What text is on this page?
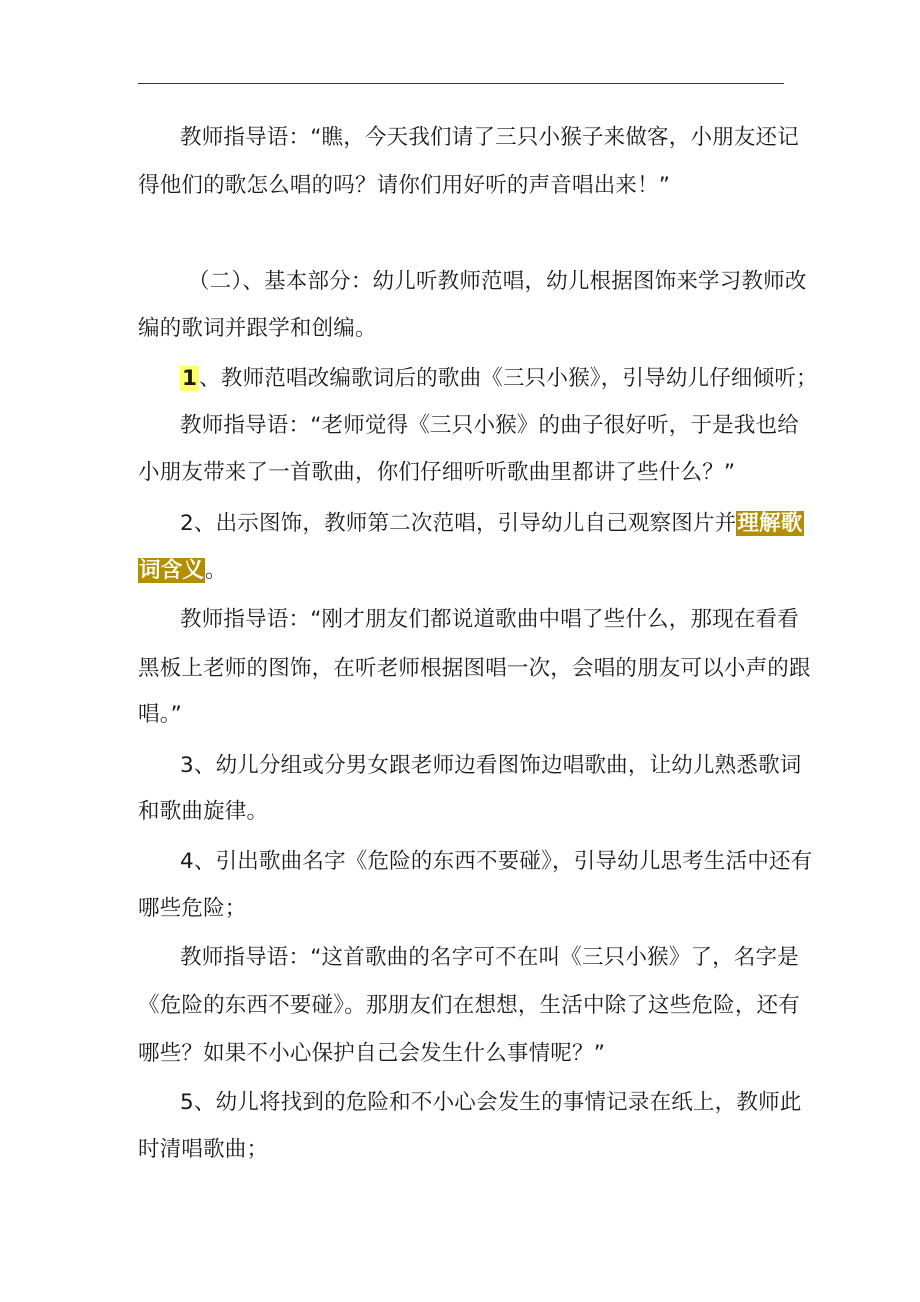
教师指导语：“瞧，今天我们请了三只小猴子来做客，小朋友还记
得他们的歌怎么唱的吗？请你们用好听的声音唱出来！”
（二）、基本部分：幼儿听教师范唱，幼儿根据图饰来学习教师改
编的歌词并跟学和创编。
1、教师范唱改编歌词后的歌曲《三只小猴》，引导幼儿仔细倾听；
教师指导语：“老师觉得《三只小猴》的曲子很好听，于是我也给
小朋友带来了一首歌曲，你们仔细听听歌曲里都讲了些什么？”
2、出示图饰，教师第二次范唱，引导幼儿自己观察图片并理解歌
词含义。
教师指导语：“刚才朋友们都说道歌曲中唱了些什么，那现在看看
黑板上老师的图饰，在听老师根据图唱一次，会唱的朋友可以小声的跟
唱。”
3、幼儿分组或分男女跟老师边看图饰边唱歌曲，让幼儿熟悉歌词
和歌曲旋律。
4、引出歌曲名字《危险的东西不要碰》，引导幼儿思考生活中还有
哪些危险；
教师指导语：“这首歌曲的名字可不在叫《三只小猴》了，名字是
《危险的东西不要碰》。那朋友们在想想，生活中除了这些危险，还有
哪些？如果不小心保护自己会发生什么事情呢？”
5、幼儿将找到的危险和不小心会发生的事情记录在纸上，教师此
时清唱歌曲；
